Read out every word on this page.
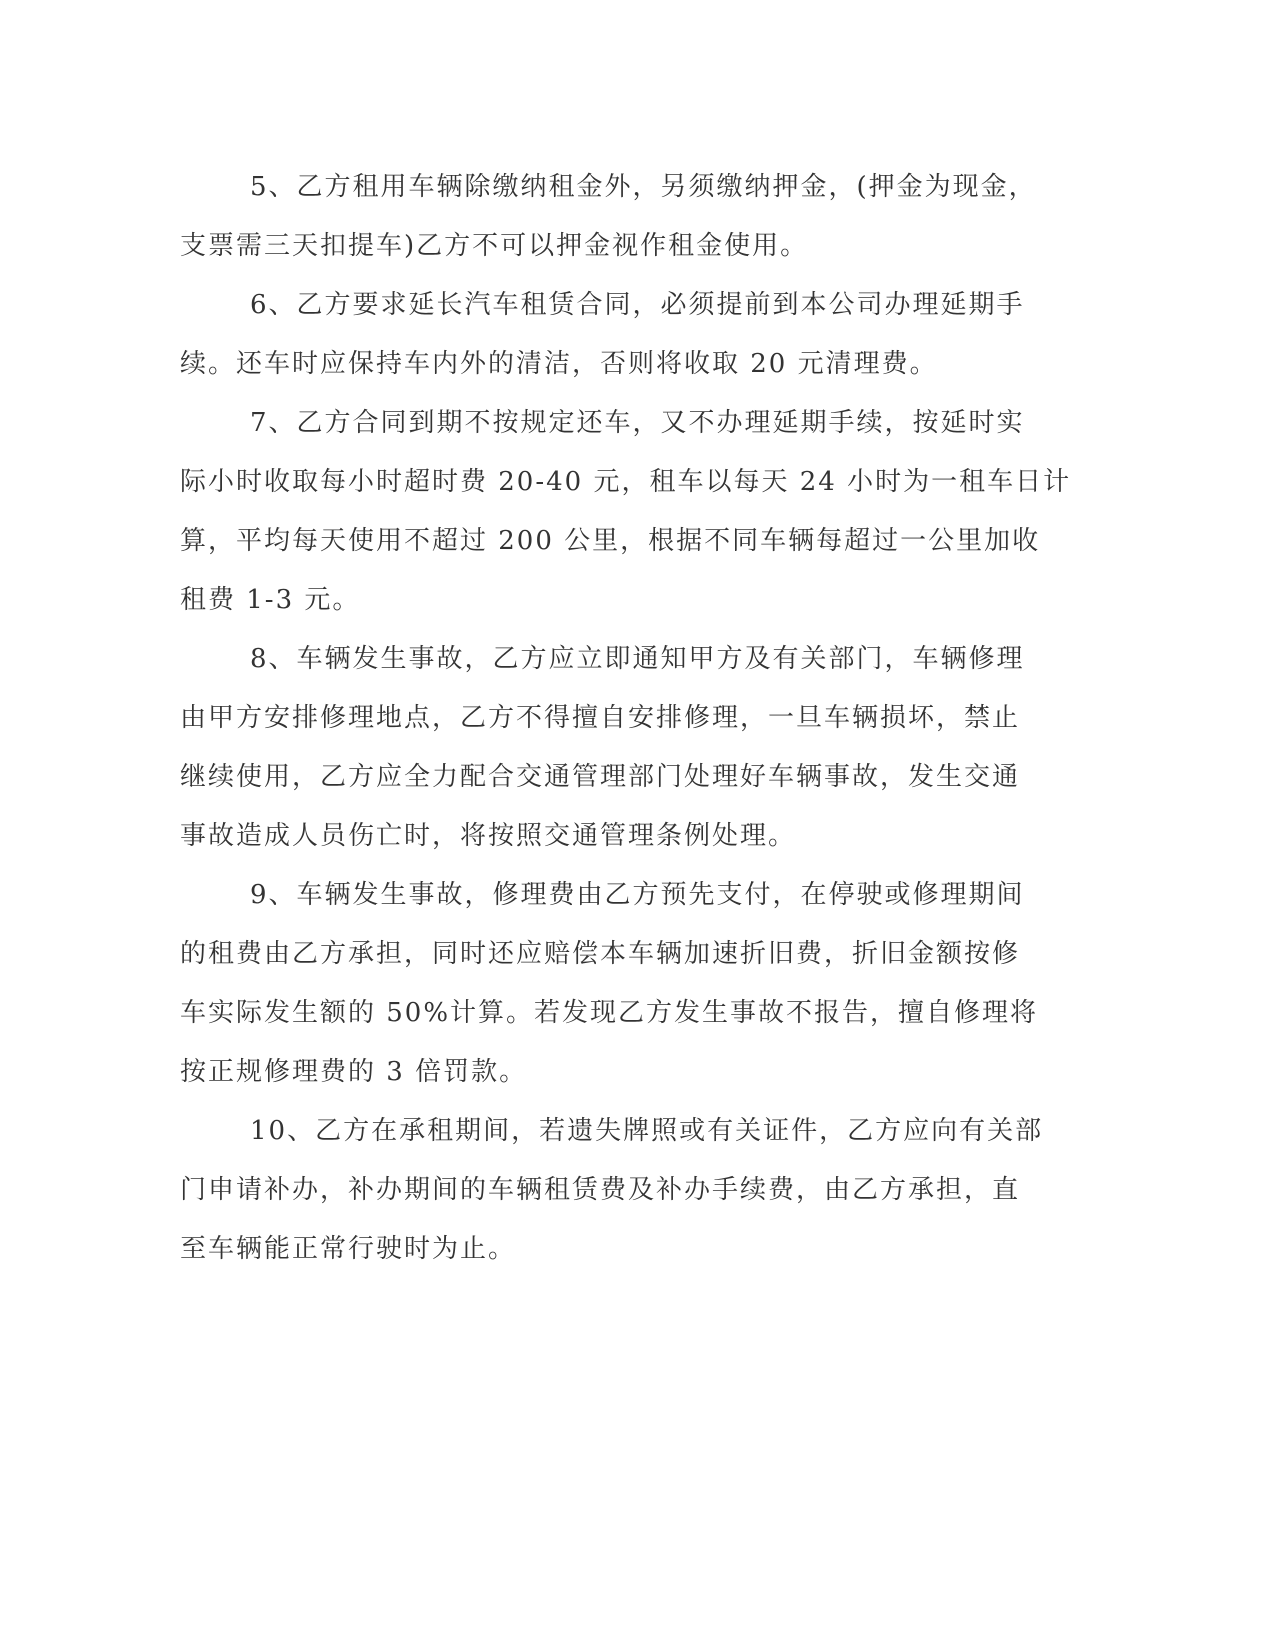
5、乙方租用车辆除缴纳租金外，另须缴纳押金，(押金为现金，
支票需三天扣提车)乙方不可以押金视作租金使用。
6、乙方要求延长汽车租赁合同，必须提前到本公司办理延期手
续。还车时应保持车内外的清洁，否则将收取 20 元清理费。
7、乙方合同到期不按规定还车，又不办理延期手续，按延时实
际小时收取每小时超时费 20-40 元，租车以每天 24 小时为一租车日计
算，平均每天使用不超过 200 公里，根据不同车辆每超过一公里加收
租费 1-3 元。
8、车辆发生事故，乙方应立即通知甲方及有关部门，车辆修理
由甲方安排修理地点，乙方不得擅自安排修理，一旦车辆损坏，禁止
继续使用，乙方应全力配合交通管理部门处理好车辆事故，发生交通
事故造成人员伤亡时，将按照交通管理条例处理。
9、车辆发生事故，修理费由乙方预先支付，在停驶或修理期间
的租费由乙方承担，同时还应赔偿本车辆加速折旧费，折旧金额按修
车实际发生额的 50%计算。若发现乙方发生事故不报告，擅自修理将
按正规修理费的 3 倍罚款。
10、乙方在承租期间，若遗失牌照或有关证件，乙方应向有关部
门申请补办，补办期间的车辆租赁费及补办手续费，由乙方承担，直
至车辆能正常行驶时为止。
